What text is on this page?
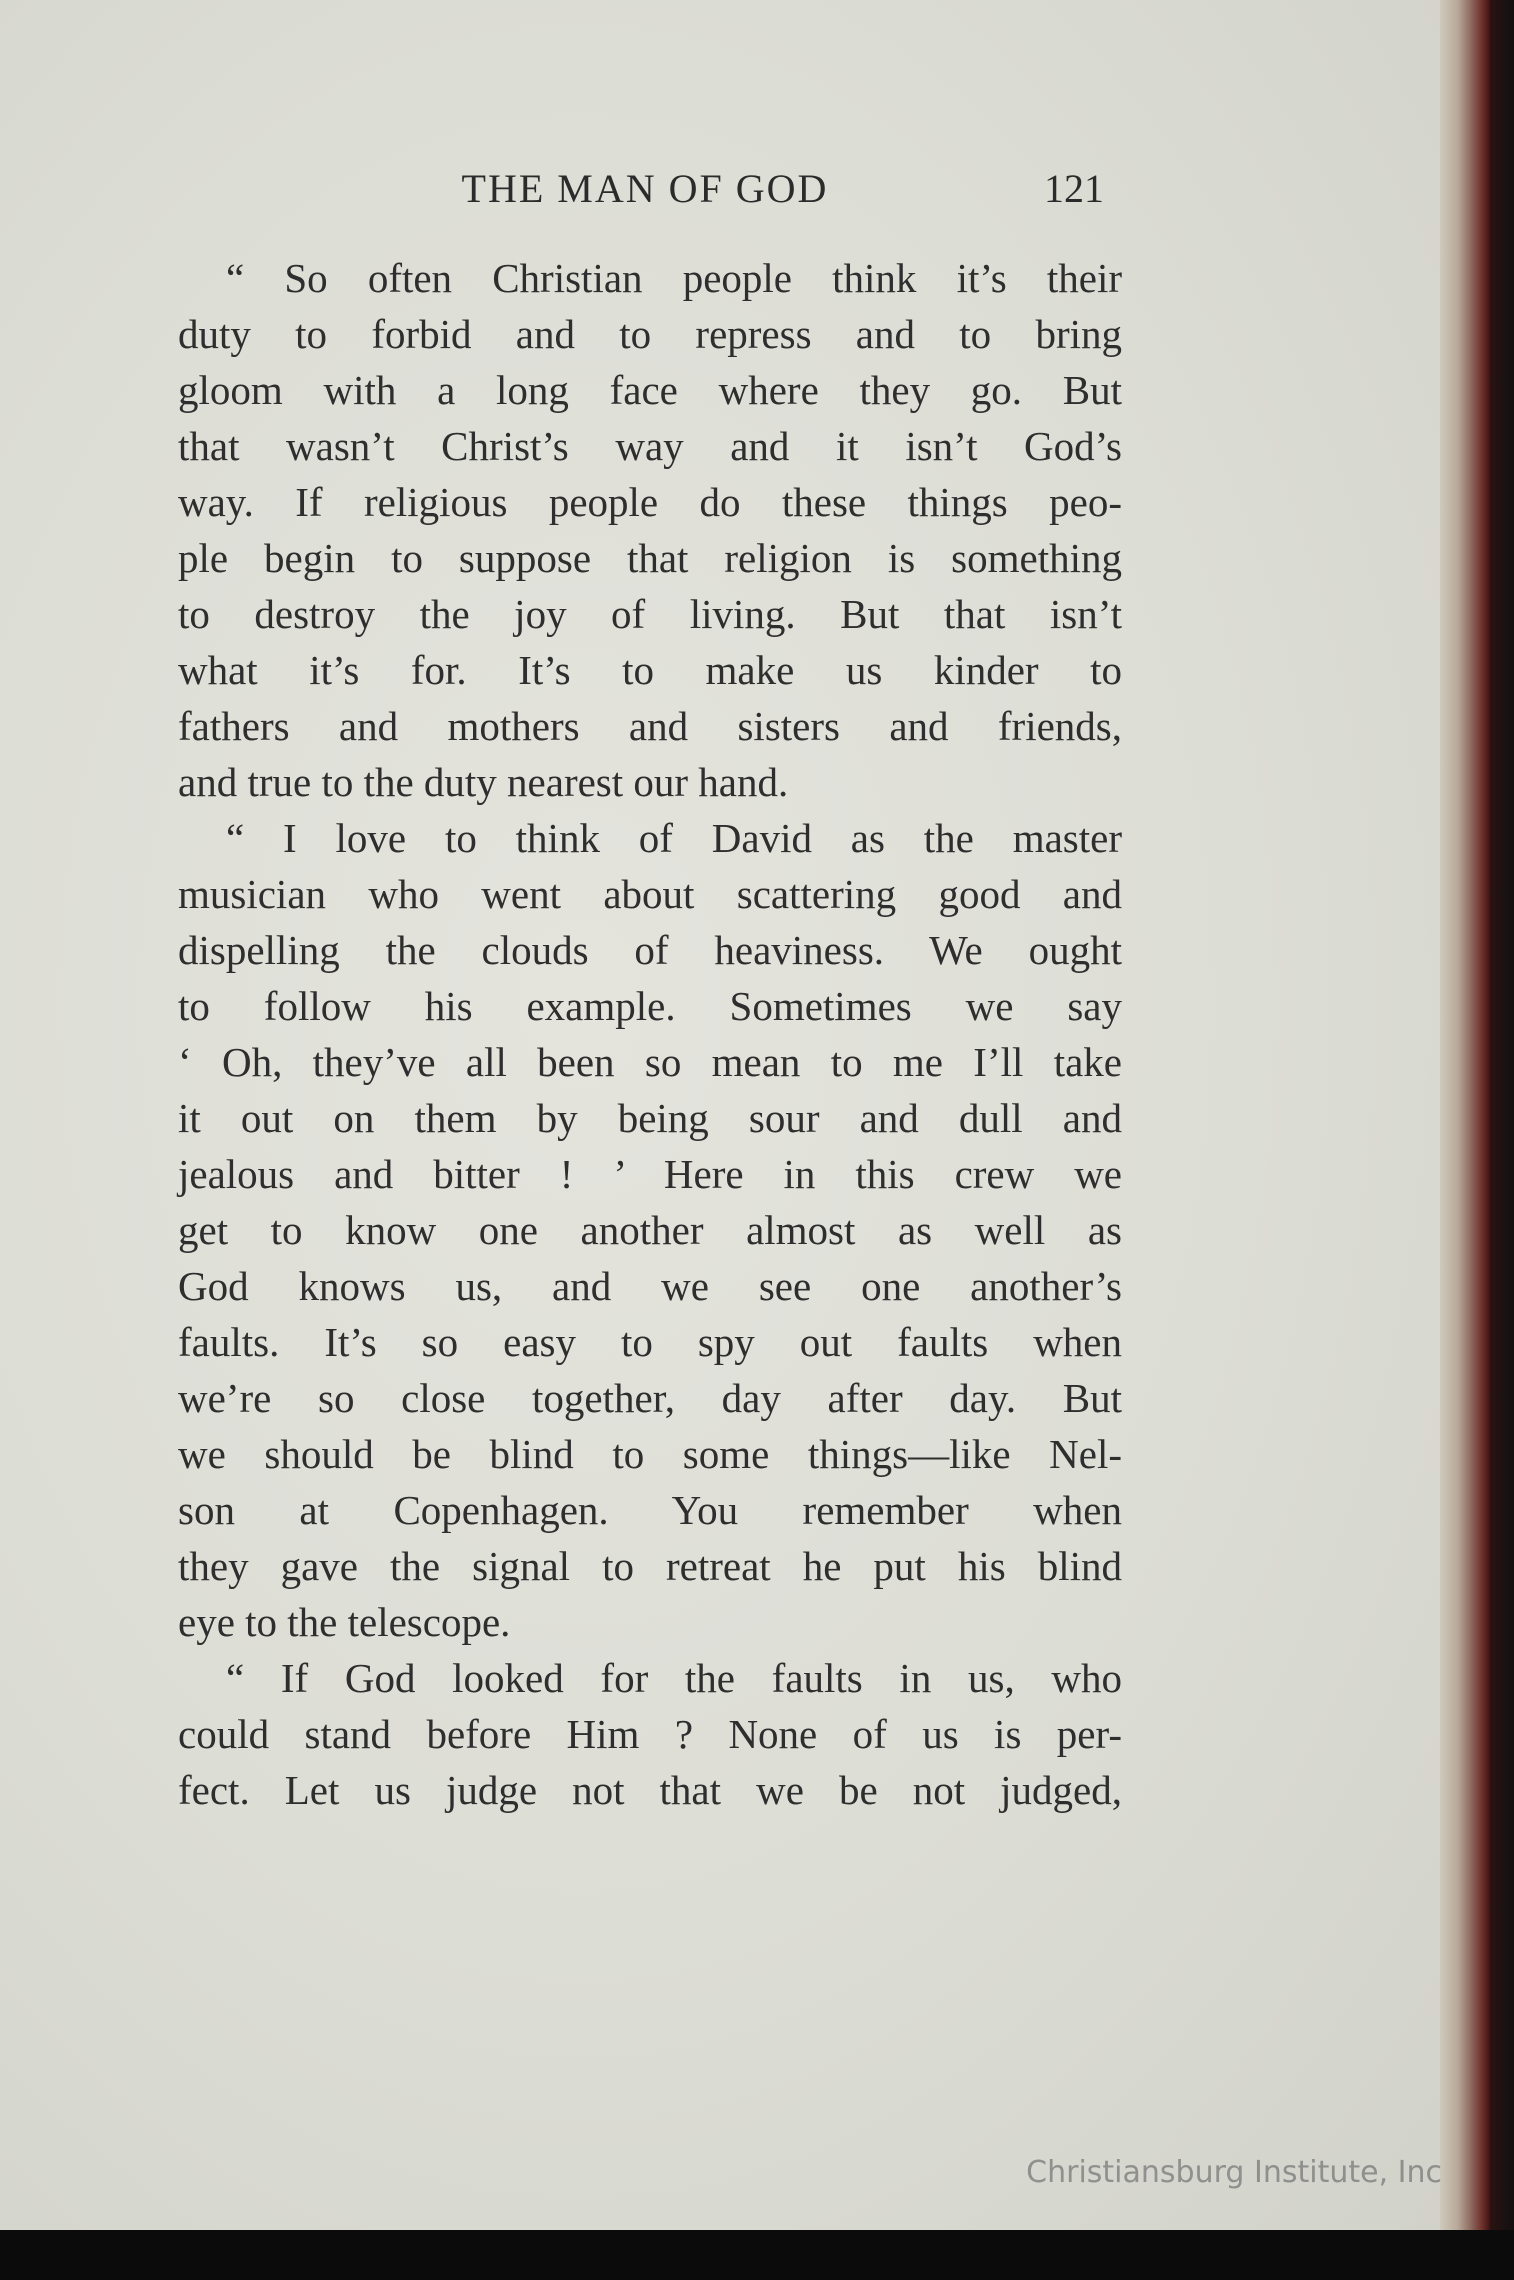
THE MAN OF GOD	121
“ So often Christian people think it’s their
duty to forbid and to repress and to bring
gloom with a long face where they go. But
that wasn’t Christ’s way and it isn’t God’s
way. If religious people do these things peo-
ple begin to suppose that religion is something
to destroy the joy of living. But that isn’t
what it’s for. It’s to make us kinder to
fathers and mothers and sisters and friends,
and true to the duty nearest our hand.
“ I love to think of David as the master
musician who went about scattering good and
dispelling the clouds of heaviness. We ought
to follow his example. Sometimes we say
‘ Oh, they’ve all been so mean to me I’ll take
it out on them by being sour and dull and
jealous and bitter ! ’ Here in this crew we
get to know one another almost as well as
God knows us, and we see one another’s
faults. It’s so easy to spy out faults when
we’re so close together, day after day. But
we should be blind to some things—like Nel-
son at Copenhagen. You remember when
they gave the signal to retreat he put his blind
eye to the telescope.
“ If God looked for the faults in us, who
could stand before Him ? None of us is per-
fect. Let us judge not that we be not judged,
Christiansburg Institute, Inc
